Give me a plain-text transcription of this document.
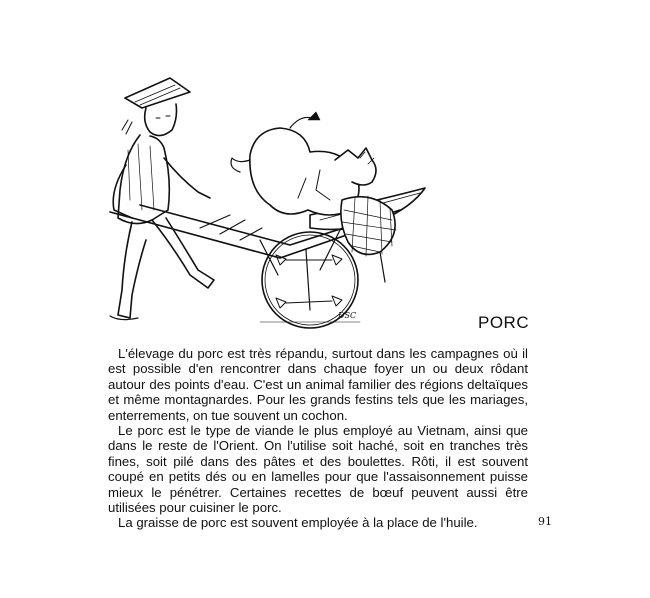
ĐSC	PORC

L'élevage du porc est très répandu, surtout dans les campagnes où il est possible d'en rencontrer dans chaque foyer un ou deux rôdant autour des points d'eau. C'est un animal familier des régions deltaïques et même montagnardes. Pour les grands festins tels que les mariages, enterrements, on tue souvent un cochon.

Le porc est le type de viande le plus employé au Vietnam, ainsi que dans le reste de l'Orient. On l'utilise soit haché, soit en tranches très fines, soit pilé dans des pâtes et des boulettes. Rôti, il est souvent coupé en petits dés ou en lamelles pour que l'assaisonnement puisse mieux le pénétrer. Certaines recettes de bœuf peuvent aussi être utilisées pour cuisiner le porc.

La graisse de porc est souvent employée à la place de l'huile.	91
